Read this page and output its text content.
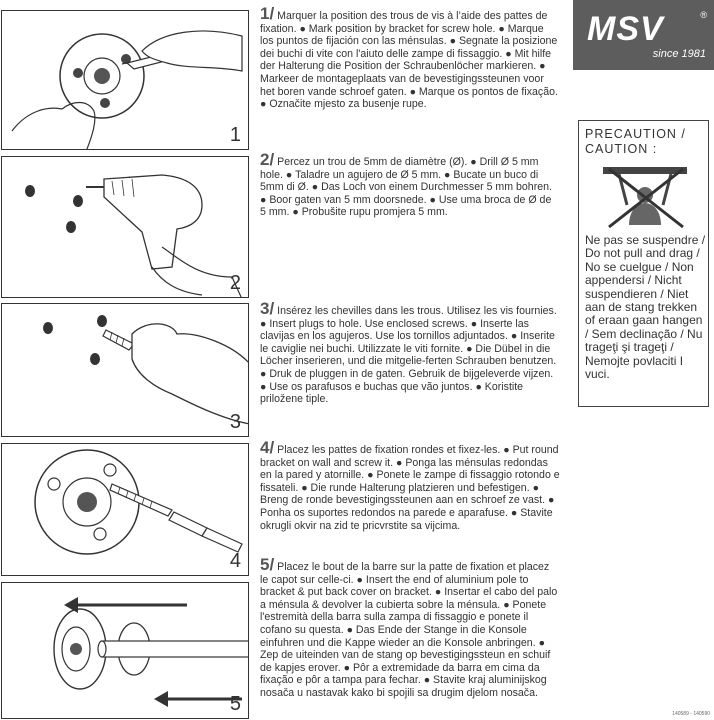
MSV	®
since 1981
1
2
3
4
5
1/ Marquer la position des trous de vis à l’aide des pattes de fixation. ● Mark position by bracket for screw hole. ● Marque los puntos de fijación con las ménsulas. ● Segnate la posizione dei buchi di vite con l'aiuto delle zampe di fissaggio. ● Mit hilfe der Halterung die Position der Schraubenlöcher markieren. ● Markeer de montageplaats van de bevestigingssteunen voor het boren vande schroef gaten. ● Marque os pontos de fixação. ● Označite mjesto za busenje rupe.
2/ Percez un trou de 5mm de diamètre (Ø). ● Drill Ø 5 mm hole. ● Taladre un agujero de Ø 5 mm. ● Bucate un buco di 5mm di Ø. ● Das Loch von einem Durchmesser 5 mm bohren. ● Boor gaten van 5 mm doorsnede. ● Use uma broca de Ø de 5 mm. ● Probušite rupu promjera 5 mm.
3/ Insérez les chevilles dans les trous. Utilisez les vis fournies. ● Insert plugs to hole. Use enclosed screws. ● Inserte las clavijas en los agujeros. Use los tornillos adjuntados. ● Inserite le caviglie nei buchi. Utilizzate le viti fornite. ● Die Dübel in die Löcher inserieren, und die mitgelie-ferten Schrauben benutzen. ● Druk de pluggen in de gaten. Gebruik de bijgeleverde vijzen. ● Use os parafusos e buchas que vão juntos. ● Koristite priložene tiple.
4/ Placez les pattes de fixation rondes et fixez-les. ● Put round bracket on wall and screw it. ● Ponga las ménsulas redondas en la pared y atornille. ● Ponete le zampe di fissaggio rotondo e fissateli. ● Die runde Halterung platzieren und befestigen. ● Breng de ronde bevestigingssteunen aan en schroef ze vast. ● Ponha os suportes redondos na parede e aparafuse. ● Stavite okrugli okvir na zid te pricvrstite sa vijcima.
5/ Placez le bout de la barre sur la patte de fixation et placez le capot sur celle-ci. ● Insert the end of aluminium pole to bracket & put back cover on bracket. ● Insertar el cabo del palo a ménsula & devolver la cubierta sobre la ménsula. ● Ponete l'estremità della barra sulla zampa di fissaggio e ponete il cofano su questa. ● Das Ende der Stange in die Konsole einfuhren und die Kappe wieder an die Konsole anbringen. ● Zep de uiteinden van de stang op bevestigingssteun en schuif de kapjes erover. ● Pôr a extremidade da barra em cima da fixação e pôr a tampa para fechar. ● Stavite kraj aluminijskog nosača u nastavak kako bi spojili sa drugim djelom nosača.
PRECAUTION / CAUTION :
Ne pas se suspendre / Do not pull and drag / No se cuelgue / Non appendersi / Nicht suspendieren / Niet aan de stang trekken of eraan gaan hangen / Sem declinação / Nu trageţi şi trageţi / Nemojte povlaciti I vuci.
140589 - 140590
